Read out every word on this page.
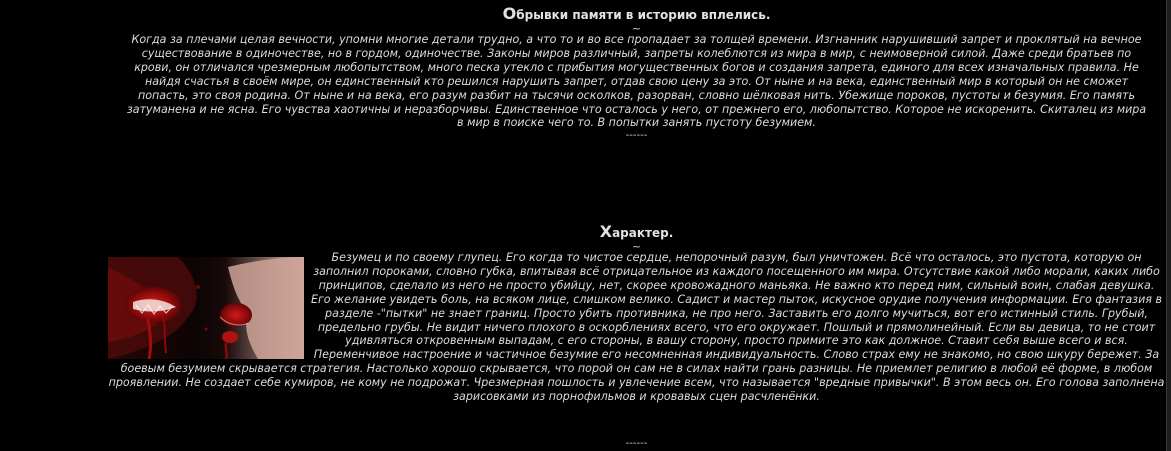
Обрывки памяти в историю вплелись.
~
Когда за плечами целая вечности, упомни многие детали трудно, а что то и во все пропадает за толщей времени. Изгнанник нарушивший запрет и проклятый на вечное существование в одиночестве, но в гордом, одиночестве. Законы миров различный, запреты колеблются из мира в мир, с неимоверной силой. Даже среди братьев по крови, он отличался чрезмерным любопытством, много песка утекло с прибытия могущественных богов и создания запрета, единого для всех изначальных правила. Не найдя счастья в своём мире, он единственный кто решился нарушить запрет, отдав свою цену за это. От ныне и на века, единственный мир в который он не сможет попасть, это своя родина. От ныне и на века, его разум разбит на тысячи осколков, разорван, словно шёлковая нить. Убежище пороков, пустоты и безумия. Его память затуманена и не ясна. Его чувства хаотичны и неразборчивы. Единственное что осталось у него, от прежнего его, любопытство. Которое не искоренить. Скиталец из мира в мир в поиске чего то. В попытки занять пустоту безумием.
------
Характер.
~
Безумец и по своему глупец. Его когда то чистое сердце, непорочный разум, был уничтожен. Всё что осталось, это пустота, которую он заполнил пороками, словно губка, впитывая всё отрицательное из каждого посещенного им мира. Отсутствие какой либо морали, каких либо принципов, сделало из него не просто убийцу, нет, скорее кровожадного маньяка. Не важно кто перед ним, сильный воин, слабая девушка. Его желание увидеть боль, на всяком лице, слишком велико. Садист и мастер пыток, искусное орудие получения информации. Его фантазия в разделе -"пытки" не знает границ. Просто убить противника, не про него. Заставить его долго мучиться, вот его истинный стиль. Грубый, предельно грубы. Не видит ничего плохого в оскорблениях всего, что его окружает. Пошлый и прямолинейный. Если вы девица, то не стоит удивляться откровенным выпадам, с его стороны, в вашу сторону, просто примите это как должное. Ставит себя выше всего и вся. Переменчивое настроение и частичное безумие его несомненная индивидуальность. Слово страх ему не знакомо, но свою шкуру бережет. За боевым безумием скрывается стратегия. Настолько хорошо скрывается, что порой он сам не в силах найти грань разницы. Не приемлет религию в любой её форме, в любом проявлении. Не создает себе кумиров, не кому не подрожат. Чрезмерная пошлость и увлечение всем, что называется "вредные привычки". В этом весь он. Его голова заполнена зарисовками из порнофильмов и кровавых сцен расчленёнки.
------
